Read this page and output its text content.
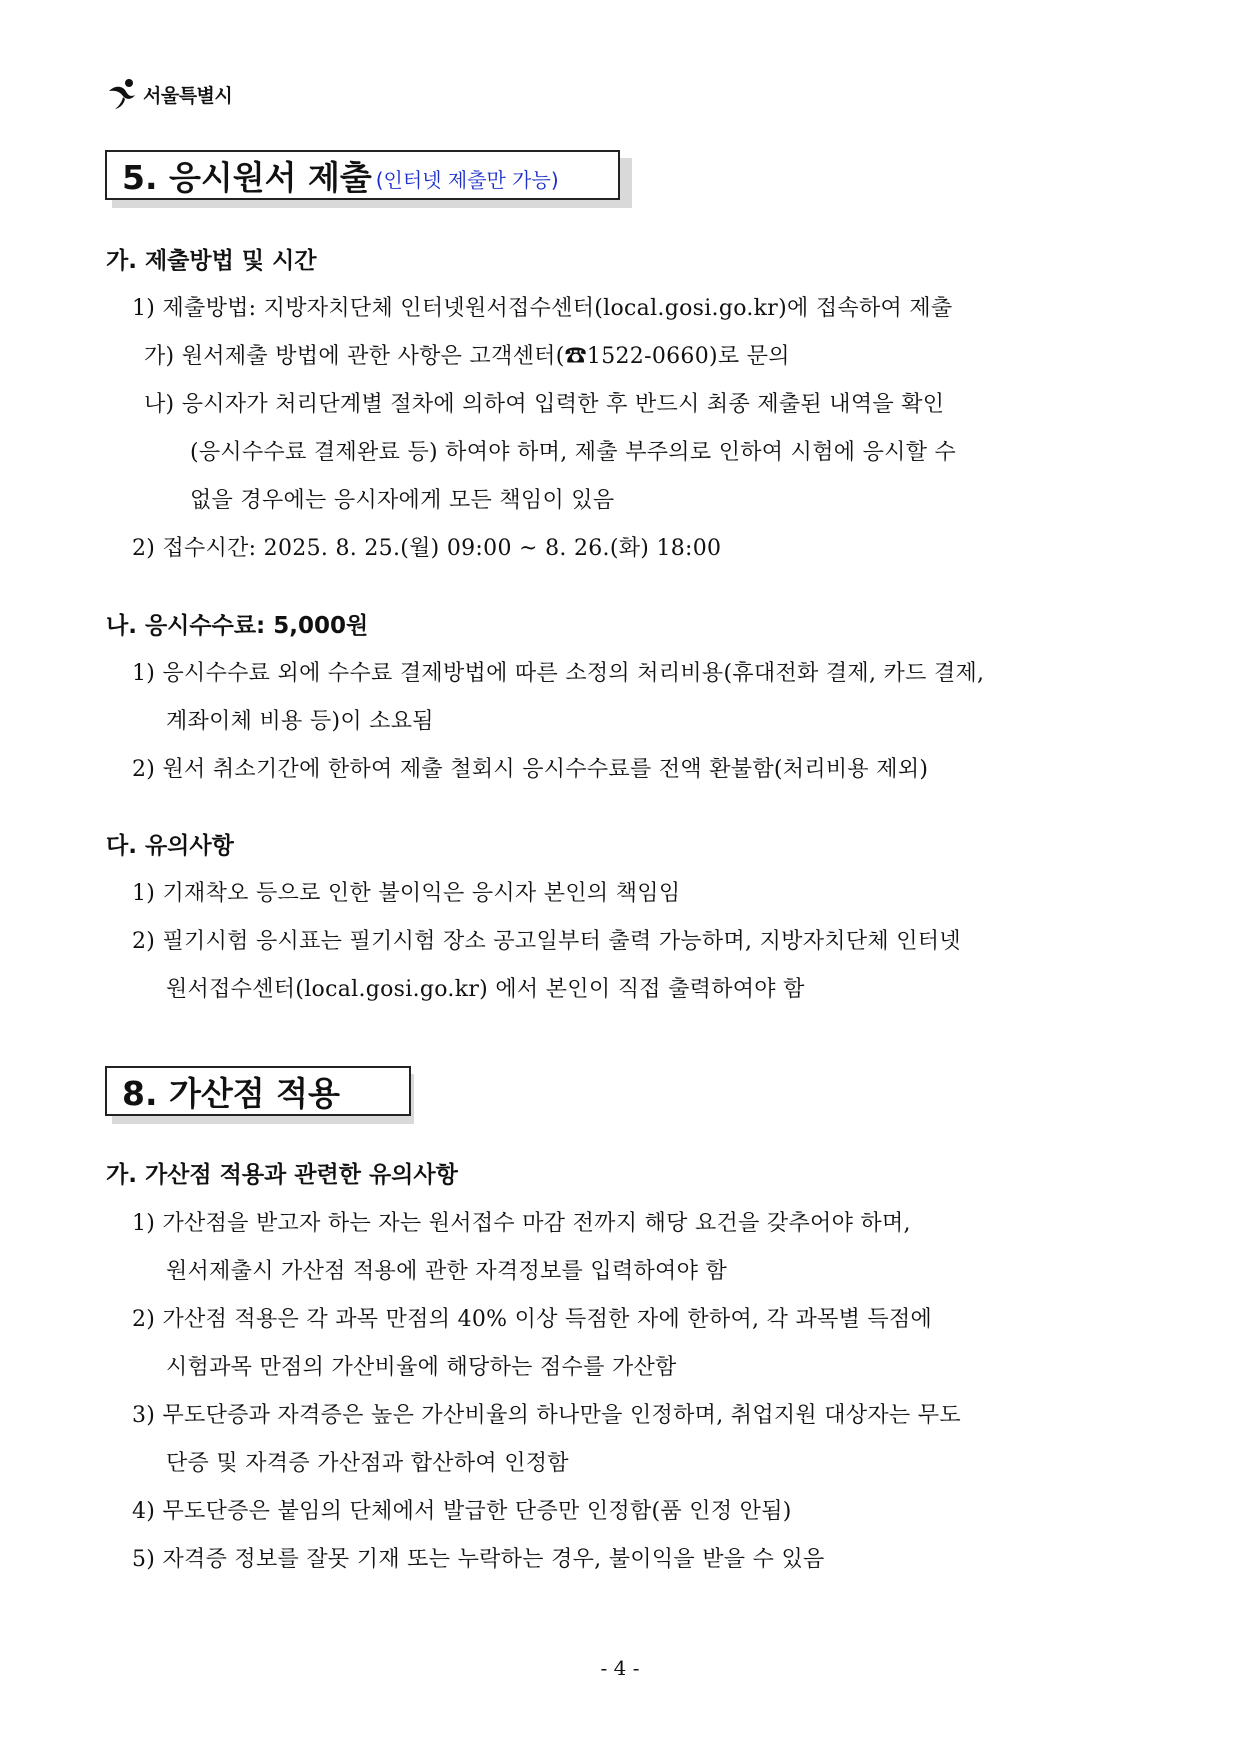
서울특별시
5. 응시원서 제출 (인터넷 제출만 가능)
가. 제출방법 및 시간
1) 제출방법: 지방자치단체 인터넷원서접수센터(local.gosi.go.kr)에 접속하여 제출
가) 원서제출 방법에 관한 사항은 고객센터(☎1522-0660)로 문의
나) 응시자가 처리단계별 절차에 의하여 입력한 후 반드시 최종 제출된 내역을 확인
(응시수수료 결제완료 등) 하여야 하며, 제출 부주의로 인하여 시험에 응시할 수
없을 경우에는 응시자에게 모든 책임이 있음
2) 접수시간: 2025. 8. 25.(월) 09:00 ~ 8. 26.(화) 18:00
나. 응시수수료: 5,000원
1) 응시수수료 외에 수수료 결제방법에 따른 소정의 처리비용(휴대전화 결제, 카드 결제,
계좌이체 비용 등)이 소요됨
2) 원서 취소기간에 한하여 제출 철회시 응시수수료를 전액 환불함(처리비용 제외)
다. 유의사항
1) 기재착오 등으로 인한 불이익은 응시자 본인의 책임임
2) 필기시험 응시표는 필기시험 장소 공고일부터 출력 가능하며, 지방자치단체 인터넷
원서접수센터(local.gosi.go.kr) 에서 본인이 직접 출력하여야 함
8. 가산점 적용
가. 가산점 적용과 관련한 유의사항
1) 가산점을 받고자 하는 자는 원서접수 마감 전까지 해당 요건을 갖추어야 하며,
원서제출시 가산점 적용에 관한 자격정보를 입력하여야 함
2) 가산점 적용은 각 과목 만점의 40% 이상 득점한 자에 한하여, 각 과목별 득점에
시험과목 만점의 가산비율에 해당하는 점수를 가산함
3) 무도단증과 자격증은 높은 가산비율의 하나만을 인정하며, 취업지원 대상자는 무도
단증 및 자격증 가산점과 합산하여 인정함
4) 무도단증은 붙임의 단체에서 발급한 단증만 인정함(품 인정 안됨)
5) 자격증 정보를 잘못 기재 또는 누락하는 경우, 불이익을 받을 수 있음
- 4 -
